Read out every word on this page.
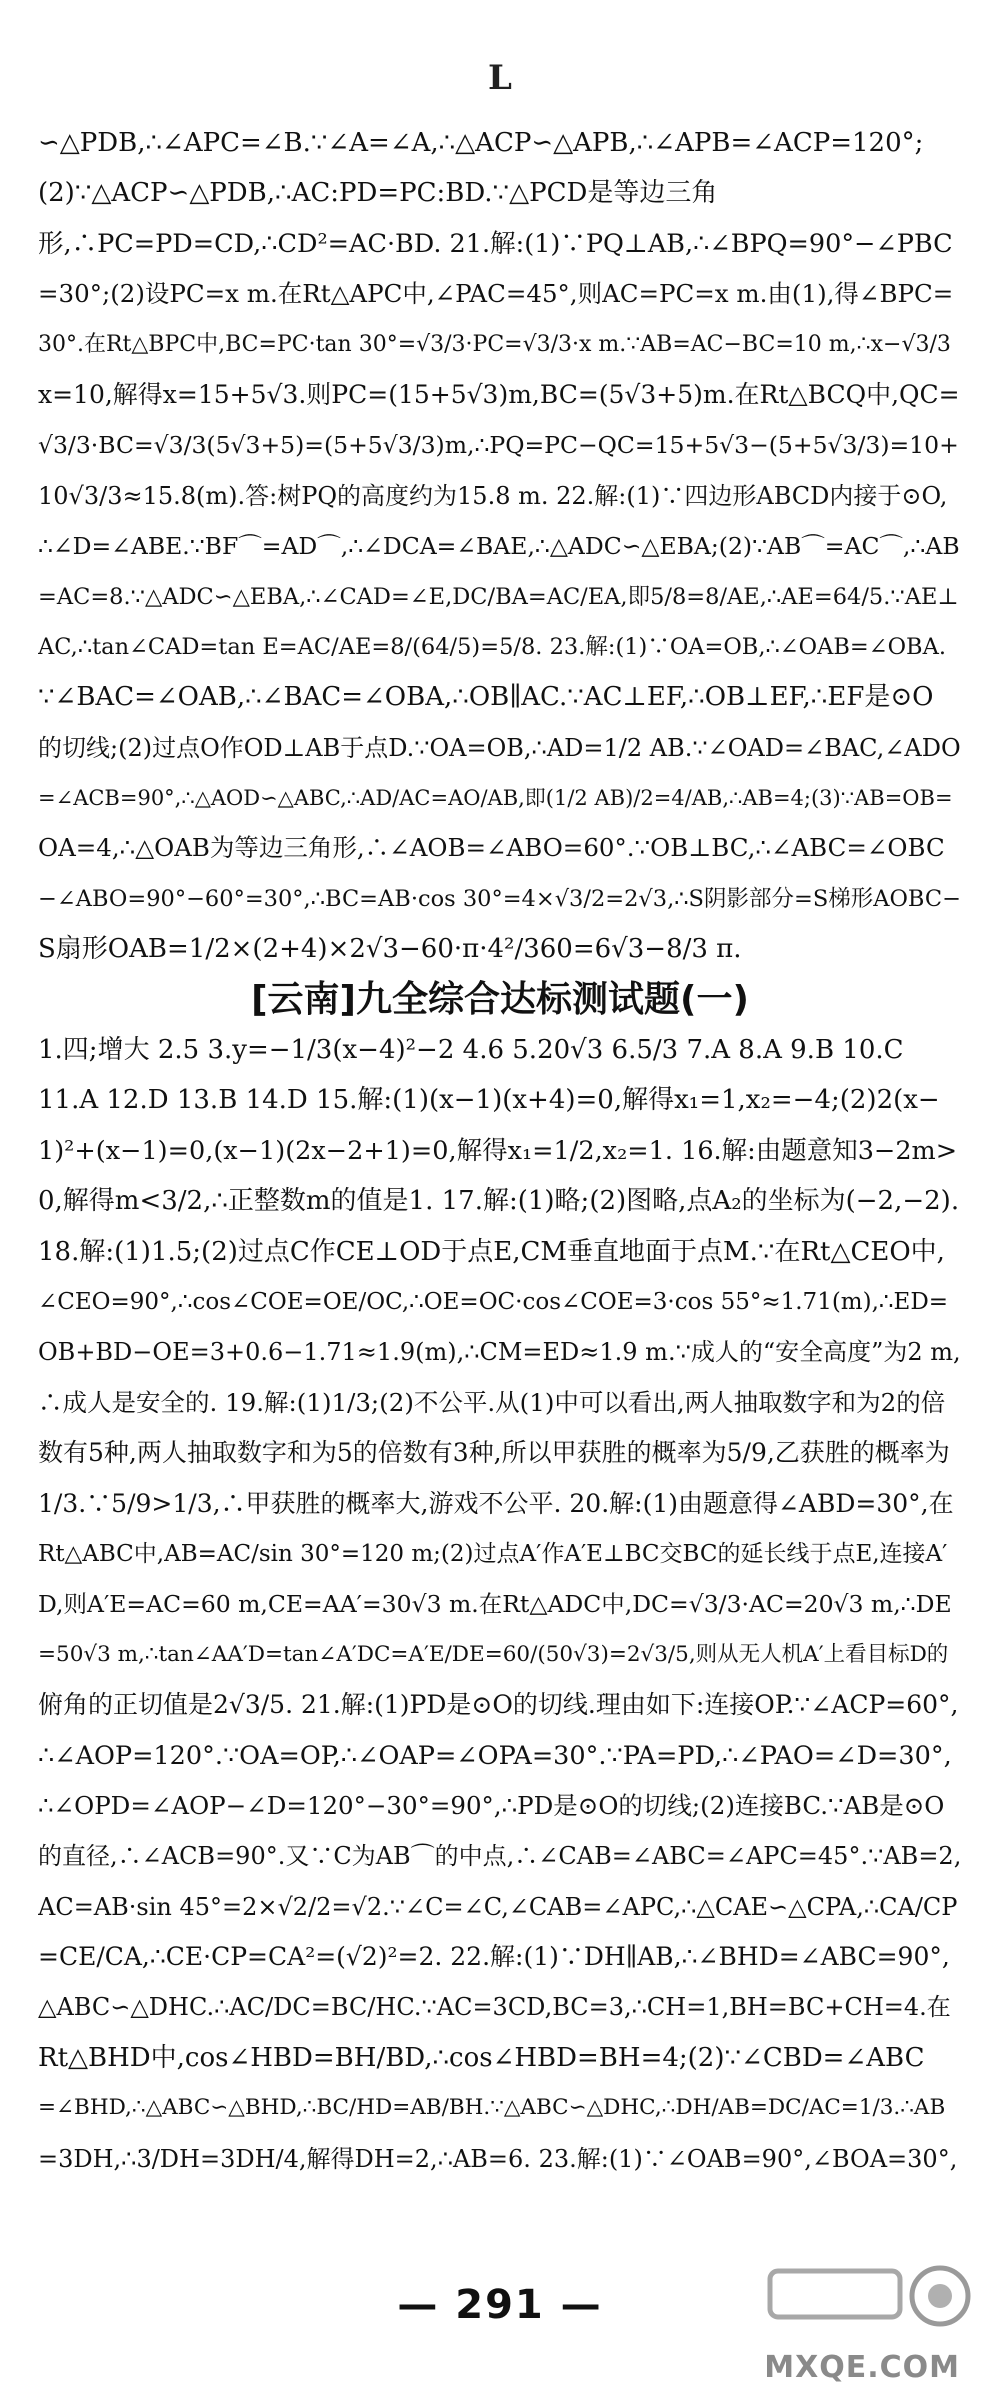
L
∽△PDB,∴∠APC=∠B.∵∠A=∠A,∴△ACP∽△APB,∴∠APB=∠ACP=120°;
(2)∵△ACP∽△PDB,∴AC:PD=PC:BD.∵△PCD是等边三角
形,∴PC=PD=CD,∴CD²=AC·BD. 21.解:(1)∵PQ⊥AB,∴∠BPQ=90°−∠PBC
=30°;(2)设PC=x m.在Rt△APC中,∠PAC=45°,则AC=PC=x m.由(1),得∠BPC=
30°.在Rt△BPC中,BC=PC·tan 30°=√3/3·PC=√3/3·x m.∵AB=AC−BC=10 m,∴x−√3/3
x=10,解得x=15+5√3.则PC=(15+5√3)m,BC=(5√3+5)m.在Rt△BCQ中,QC=
√3/3·BC=√3/3(5√3+5)=(5+5√3/3)m,∴PQ=PC−QC=15+5√3−(5+5√3/3)=10+
10√3/3≈15.8(m).答:树PQ的高度约为15.8 m. 22.解:(1)∵四边形ABCD内接于⊙O,
∴∠D=∠ABE.∵BF⌒=AD⌒,∴∠DCA=∠BAE,∴△ADC∽△EBA;(2)∵AB⌒=AC⌒,∴AB
=AC=8.∵△ADC∽△EBA,∴∠CAD=∠E,DC/BA=AC/EA,即5/8=8/AE,∴AE=64/5.∵AE⊥
AC,∴tan∠CAD=tan E=AC/AE=8/(64/5)=5/8. 23.解:(1)∵OA=OB,∴∠OAB=∠OBA.
∵∠BAC=∠OAB,∴∠BAC=∠OBA,∴OB∥AC.∵AC⊥EF,∴OB⊥EF,∴EF是⊙O
的切线;(2)过点O作OD⊥AB于点D.∵OA=OB,∴AD=1/2 AB.∵∠OAD=∠BAC,∠ADO
=∠ACB=90°,∴△AOD∽△ABC,∴AD/AC=AO/AB,即(1/2 AB)/2=4/AB,∴AB=4;(3)∵AB=OB=
OA=4,∴△OAB为等边三角形,∴∠AOB=∠ABO=60°.∵OB⊥BC,∴∠ABC=∠OBC
−∠ABO=90°−60°=30°,∴BC=AB·cos 30°=4×√3/2=2√3,∴S阴影部分=S梯形AOBC−
S扇形OAB=1/2×(2+4)×2√3−60·π·4²/360=6√3−8/3 π.
[云南]九全综合达标测试题(一)
1.四;增大 2.5 3.y=−1/3(x−4)²−2 4.6 5.20√3 6.5/3 7.A 8.A 9.B 10.C
11.A 12.D 13.B 14.D 15.解:(1)(x−1)(x+4)=0,解得x₁=1,x₂=−4;(2)2(x−
1)²+(x−1)=0,(x−1)(2x−2+1)=0,解得x₁=1/2,x₂=1. 16.解:由题意知3−2m>
0,解得m<3/2,∴正整数m的值是1. 17.解:(1)略;(2)图略,点A₂的坐标为(−2,−2).
18.解:(1)1.5;(2)过点C作CE⊥OD于点E,CM垂直地面于点M.∵在Rt△CEO中,
∠CEO=90°,∴cos∠COE=OE/OC,∴OE=OC·cos∠COE=3·cos 55°≈1.71(m),∴ED=
OB+BD−OE=3+0.6−1.71≈1.9(m),∴CM=ED≈1.9 m.∵成人的“安全高度”为2 m,
∴成人是安全的. 19.解:(1)1/3;(2)不公平.从(1)中可以看出,两人抽取数字和为2的倍
数有5种,两人抽取数字和为5的倍数有3种,所以甲获胜的概率为5/9,乙获胜的概率为
1/3.∵5/9>1/3,∴甲获胜的概率大,游戏不公平. 20.解:(1)由题意得∠ABD=30°,在
Rt△ABC中,AB=AC/sin 30°=120 m;(2)过点A′作A′E⊥BC交BC的延长线于点E,连接A′
D,则A′E=AC=60 m,CE=AA′=30√3 m.在Rt△ADC中,DC=√3/3·AC=20√3 m,∴DE
=50√3 m,∴tan∠AA′D=tan∠A′DC=A′E/DE=60/(50√3)=2√3/5,则从无人机A′上看目标D的
俯角的正切值是2√3/5. 21.解:(1)PD是⊙O的切线.理由如下:连接OP.∵∠ACP=60°,
∴∠AOP=120°.∵OA=OP,∴∠OAP=∠OPA=30°.∵PA=PD,∴∠PAO=∠D=30°,
∴∠OPD=∠AOP−∠D=120°−30°=90°,∴PD是⊙O的切线;(2)连接BC.∵AB是⊙O
的直径,∴∠ACB=90°.又∵C为AB⌒的中点,∴∠CAB=∠ABC=∠APC=45°.∵AB=2,
AC=AB·sin 45°=2×√2/2=√2.∵∠C=∠C,∠CAB=∠APC,∴△CAE∽△CPA,∴CA/CP
=CE/CA,∴CE·CP=CA²=(√2)²=2. 22.解:(1)∵DH∥AB,∴∠BHD=∠ABC=90°,
△ABC∽△DHC.∴AC/DC=BC/HC.∵AC=3CD,BC=3,∴CH=1,BH=BC+CH=4.在
Rt△BHD中,cos∠HBD=BH/BD,∴cos∠HBD=BH=4;(2)∵∠CBD=∠ABC
=∠BHD,∴△ABC∽△BHD,∴BC/HD=AB/BH.∵△ABC∽△DHC,∴DH/AB=DC/AC=1/3.∴AB
=3DH,∴3/DH=3DH/4,解得DH=2,∴AB=6. 23.解:(1)∵∠OAB=90°,∠BOA=30°,
— 291 —
MXQE.COM
